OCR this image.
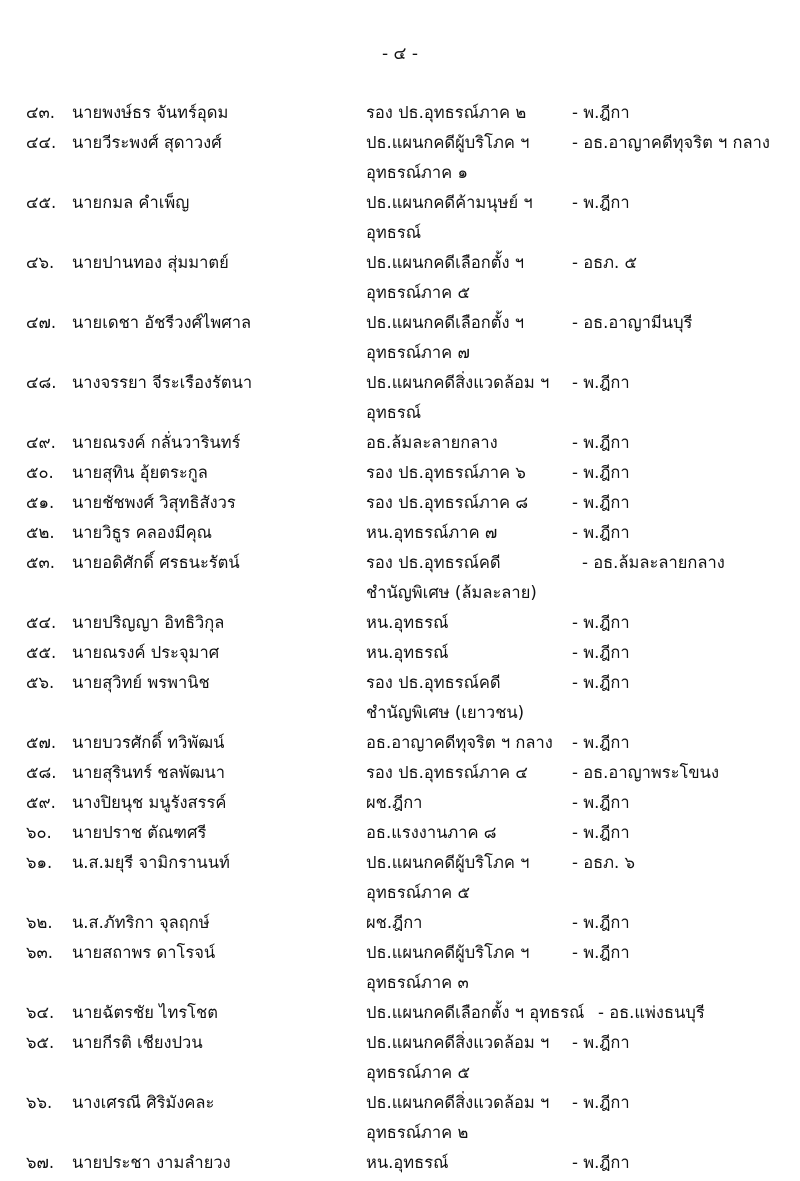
- ๔ -
๔๓. นายพงษ์ธร จันทร์อุดม	รอง ปธ.อุทธรณ์ภาค ๒	- พ.ฎีกา
๔๔. นายวีระพงศ์ สุดาวงศ์	ปธ.แผนกคดีผู้บริโภค ฯ	- อธ.อาญาคดีทุจริต ฯ กลาง
อุทธรณ์ภาค ๑
๔๕. นายกมล คำเพ็ญ	ปธ.แผนกคดีค้ามนุษย์ ฯ - พ.ฎีกา
อุทธรณ์
๔๖. นายปานทอง สุ่มมาตย์	ปธ.แผนกคดีเลือกตั้ง ฯ	- อธภ. ๕
อุทธรณ์ภาค ๕
๔๗. นายเดชา อัชรีวงศ์ไพศาล	ปธ.แผนกคดีเลือกตั้ง ฯ	- อธ.อาญามีนบุรี
อุทธรณ์ภาค ๗
๔๘. นางจรรยา จีระเรืองรัตนา	ปธ.แผนกคดีสิ่งแวดล้อม ฯ - พ.ฎีกา
อุทธรณ์
๔๙. นายณรงค์ กลั่นวารินทร์	อธ.ล้มละลายกลาง	- พ.ฎีกา
๕๐. นายสุทิน อุ้ยตระกูล	รอง ปธ.อุทธรณ์ภาค ๖	- พ.ฎีกา
๕๑. นายชัชพงศ์ วิสุทธิสังวร	รอง ปธ.อุทธรณ์ภาค ๘	- พ.ฎีกา
๕๒. นายวิธูร คลองมีคุณ	หน.อุทธรณ์ภาค ๗	- พ.ฎีกา
๕๓. นายอดิศักดิ์ ศรธนะรัตน์	รอง ปธ.อุทธรณ์คดี	- อธ.ล้มละลายกลาง
ชำนัญพิเศษ (ล้มละลาย)
๕๔. นายปริญญา อิทธิวิกุล	หน.อุทธรณ์	- พ.ฎีกา
๕๕. นายณรงค์ ประจุมาศ	หน.อุทธรณ์	- พ.ฎีกา
๕๖. นายสุวิทย์ พรพานิช	รอง ปธ.อุทธรณ์คดี	- พ.ฎีกา
ชำนัญพิเศษ (เยาวชน)
๕๗. นายบวรศักดิ์ ทวิพัฒน์	อธ.อาญาคดีทุจริต ฯ กลาง - พ.ฎีกา
๕๘. นายสุรินทร์ ชลพัฒนา	รอง ปธ.อุทธรณ์ภาค ๔	- อธ.อาญาพระโขนง
๕๙. นางปิยนุช มนูรังสรรค์	ผช.ฎีกา	- พ.ฎีกา
๖๐. นายปราช ตัณฑศรี	อธ.แรงงานภาค ๘	- พ.ฎีกา
๖๑. น.ส.มยุรี จามิกรานนท์	ปธ.แผนกคดีผู้บริโภค ฯ	- อธภ. ๖
อุทธรณ์ภาค ๕
๖๒. น.ส.ภัทริกา จุลฤกษ์	ผช.ฎีกา	- พ.ฎีกา
๖๓. นายสถาพร ดาโรจน์	ปธ.แผนกคดีผู้บริโภค ฯ	- พ.ฎีกา
อุทธรณ์ภาค ๓
๖๔. นายฉัตรชัย ไทรโชต	ปธ.แผนกคดีเลือกตั้ง ฯ อุทธรณ์ - อธ.แพ่งธนบุรี
๖๕. นายกีรติ เชียงปวน	ปธ.แผนกคดีสิ่งแวดล้อม ฯ - พ.ฎีกา
อุทธรณ์ภาค ๕
๖๖. นางเศรณี ศิริมังคละ	ปธ.แผนกคดีสิ่งแวดล้อม ฯ - พ.ฎีกา
อุทธรณ์ภาค ๒
๖๗. นายประชา งามลำยวง	หน.อุทธรณ์	- พ.ฎีกา
